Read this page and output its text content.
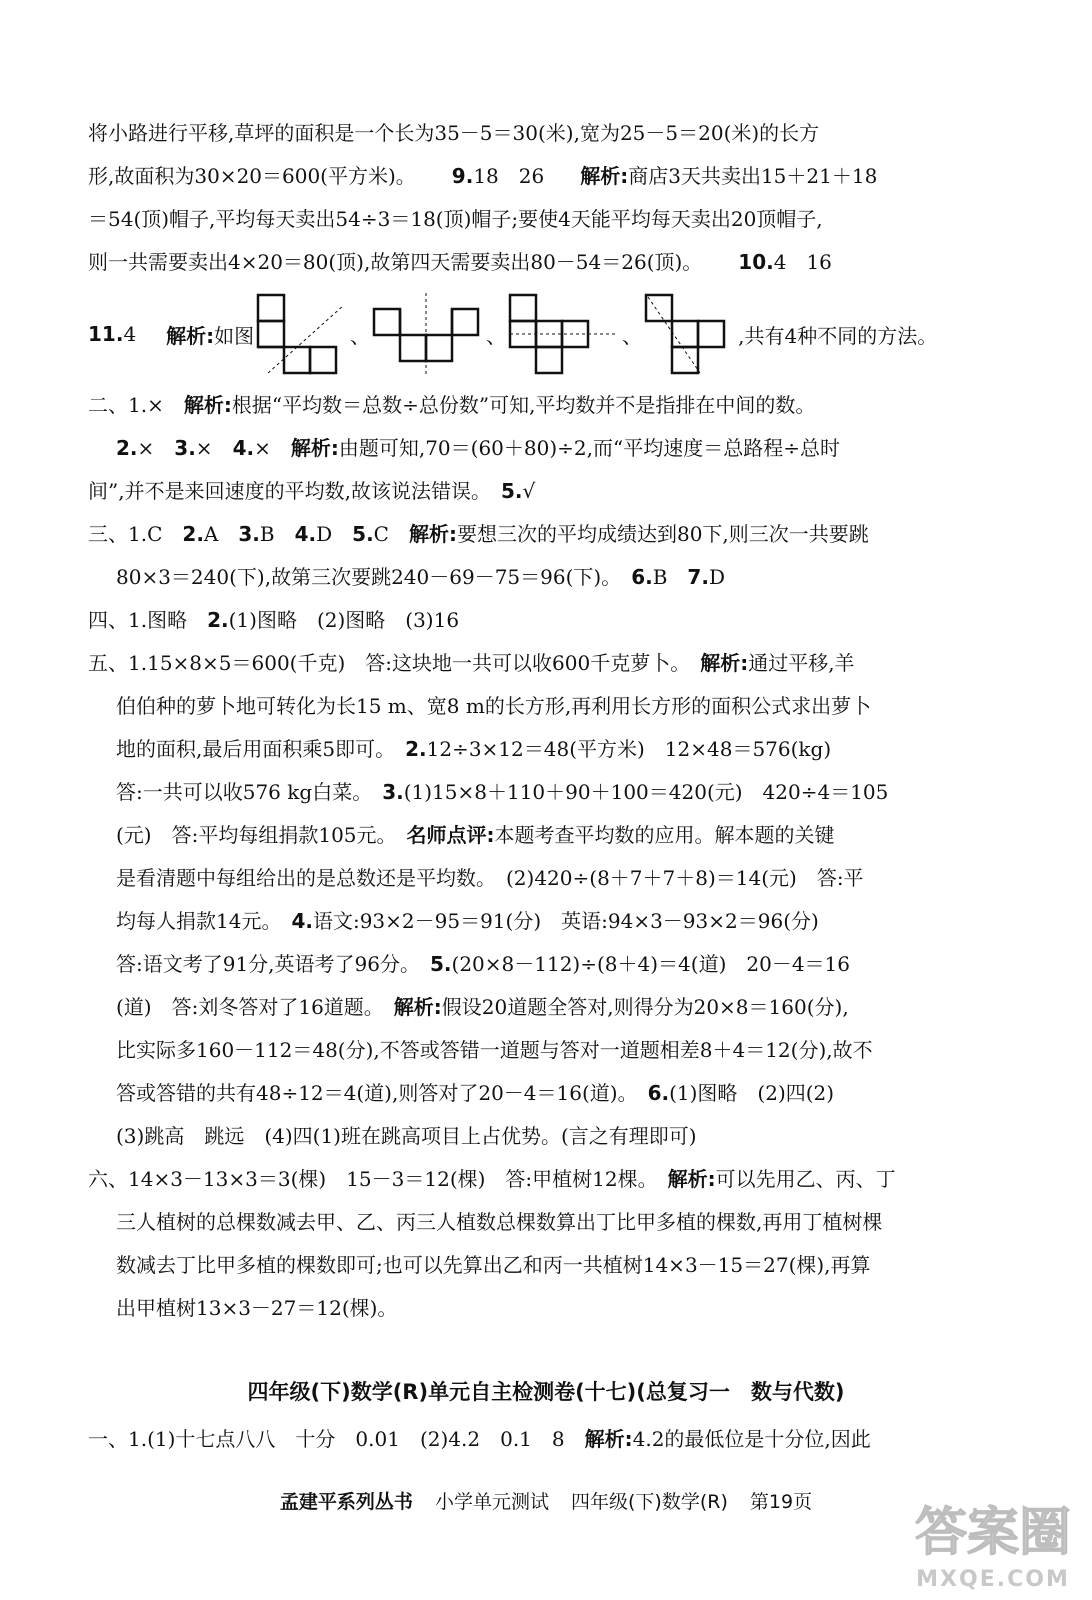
将小路进行平移,草坪的面积是一个长为35－5＝30(米),宽为25－5＝20(米)的长方
形,故面积为30×20＝600(平方米)。 9.18　26 解析:商店3天共卖出15＋21＋18
＝54(顶)帽子,平均每天卖出54÷3＝18(顶)帽子;要使4天能平均每天卖出20顶帽子,
则一共需要卖出4×20＝80(顶),故第四天需要卖出80－54＝26(顶)。 10.4　16
11. 4 解析: 如图	、	、	、	,共有4种不同的方法。
二、1.×　 解析:根据“平均数＝总数÷总份数”可知,平均数并不是指排在中间的数。
2.×　 3.×　 4.×　 解析:由题可知,70＝(60＋80)÷2,而“平均速度＝总路程÷总时
间”,并不是来回速度的平均数,故该说法错误。　 5.√
三、1.C　 2.A　 3.B　 4.D　 5.C　 解析:要想三次的平均成绩达到80下,则三次一共要跳
80×3＝240(下),故第三次要跳240－69－75＝96(下)。　 6.B　 7.D
四、1.图略　 2.(1)图略　(2)图略　(3)16
五、1.15×8×5＝600(千克)　答:这块地一共可以收600千克萝卜。　 解析:通过平移,羊
伯伯种的萝卜地可转化为长15 m、宽8 m的长方形,再利用长方形的面积公式求出萝卜
地的面积,最后用面积乘5即可。　 2.12÷3×12＝48(平方米)　12×48＝576(kg)
答:一共可以收576 kg白菜。　 3.(1)15×8＋110＋90＋100＝420(元)　420÷4＝105
(元)　答:平均每组捐款105元。　 名师点评:本题考查平均数的应用。解本题的关键
是看清题中每组给出的是总数还是平均数。　(2)420÷(8＋7＋7＋8)＝14(元)　答:平
均每人捐款14元。　 4.语文:93×2－95＝91(分)　英语:94×3－93×2＝96(分)
答:语文考了91分,英语考了96分。　 5.(20×8－112)÷(8＋4)＝4(道)　20－4＝16
(道)　答:刘冬答对了16道题。　 解析:假设20道题全答对,则得分为20×8＝160(分),
比实际多160－112＝48(分),不答或答错一道题与答对一道题相差8＋4＝12(分),故不
答或答错的共有48÷12＝4(道),则答对了20－4＝16(道)。　 6.(1)图略　(2)四(2)
(3)跳高　跳远　(4)四(1)班在跳高项目上占优势。(言之有理即可)
六、14×3－13×3＝3(棵)　15－3＝12(棵)　答:甲植树12棵。　 解析:可以先用乙、丙、丁
三人植树的总棵数减去甲、乙、丙三人植数总棵数算出丁比甲多植的棵数,再用丁植树棵
数减去丁比甲多植的棵数即可;也可以先算出乙和丙一共植树14×3－15＝27(棵),再算
出甲植树13×3－27＝12(棵)。
四年级(下)数学(R)单元自主检测卷(十七)(总复习一　数与代数)
一、1.(1)十七点八八　十分　0.01　(2)4.2　0.1　8　 解析:4.2的最低位是十分位,因此
孟建平系列丛书 小学单元测试 四年级(下)数学(R) 第19页
答案圈
MXQE.COM
